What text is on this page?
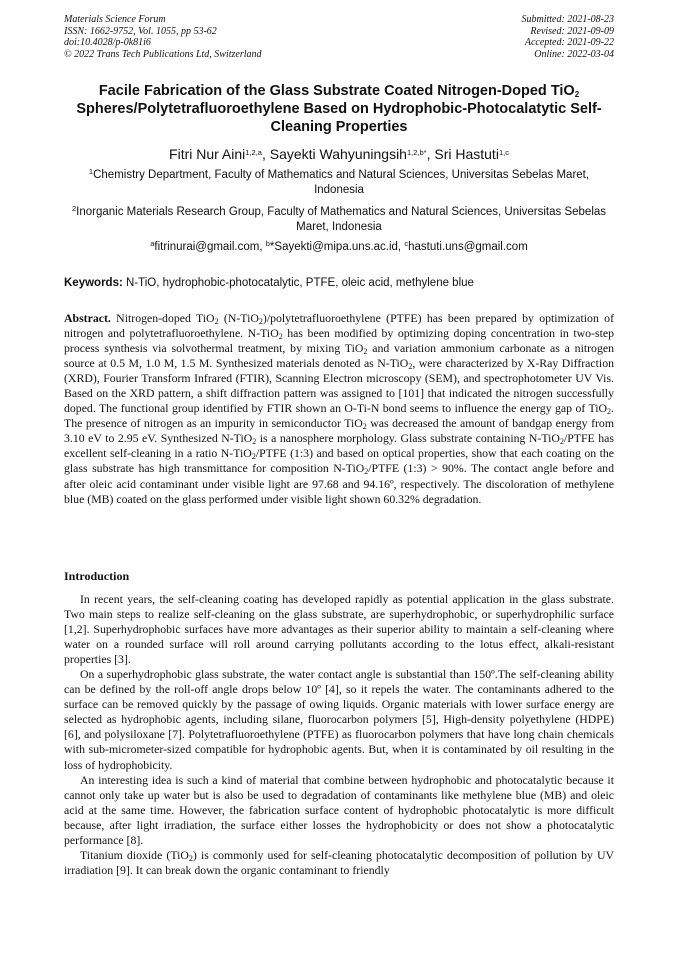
Materials Science Forum
ISSN: 1662-9752, Vol. 1055, pp 53-62
doi:10.4028/p-0k81i6
© 2022 Trans Tech Publications Ltd, Switzerland
Submitted: 2021-08-23
Revised: 2021-09-09
Accepted: 2021-09-22
Online: 2022-03-04
Facile Fabrication of the Glass Substrate Coated Nitrogen-Doped TiO$_2$ Spheres/Polytetrafluoroethylene Based on Hydrophobic-Photocalatytic Self-Cleaning Properties
Fitri Nur Aini$^{1,2,a}$, Sayekti Wahyuningsih$^{1,2,b*}$, Sri Hastuti$^{1,c}$
$^1$Chemistry Department, Faculty of Mathematics and Natural Sciences, Universitas Sebelas Maret, Indonesia
$^2$Inorganic Materials Research Group, Faculty of Mathematics and Natural Sciences, Universitas Sebelas Maret, Indonesia
$^a$fitrinurai@gmail.com, $^b$*Sayekti@mipa.uns.ac.id, $^c$hastuti.uns@gmail.com
Keywords: N-TiO, hydrophobic-photocatalytic, PTFE, oleic acid, methylene blue
Abstract. Nitrogen-doped TiO$_2$ (N-TiO$_2$)/polytetrafluoroethylene (PTFE) has been prepared by optimization of nitrogen and polytetrafluoroethylene. N-TiO$_2$ has been modified by optimizing doping concentration in two-step process synthesis via solvothermal treatment, by mixing TiO$_2$ and variation ammonium carbonate as a nitrogen source at 0.5 M, 1.0 M, 1.5 M. Synthesized materials denoted as N-TiO$_2$, were characterized by X-Ray Diffraction (XRD), Fourier Transform Infrared (FTIR), Scanning Electron microscopy (SEM), and spectrophotometer UV Vis. Based on the XRD pattern, a shift diffraction pattern was assigned to [101] that indicated the nitrogen successfully doped. The functional group identified by FTIR shown an O-Ti-N bond seems to influence the energy gap of TiO$_2$. The presence of nitrogen as an impurity in semiconductor TiO$_2$ was decreased the amount of bandgap energy from 3.10 eV to 2.95 eV. Synthesized N-TiO$_2$ is a nanosphere morphology. Glass substrate containing N-TiO$_2$/PTFE has excellent self-cleaning in a ratio N-TiO$_2$/PTFE (1:3) and based on optical properties, show that each coating on the glass substrate has high transmittance for composition N-TiO$_2$/PTFE (1:3) > 90%. The contact angle before and after oleic acid contaminant under visible light are 97.68 and 94.16º, respectively. The discoloration of methylene blue (MB) coated on the glass performed under visible light shown 60.32% degradation.
Introduction

In recent years, the self-cleaning coating has developed rapidly as potential application in the glass substrate. Two main steps to realize self-cleaning on the glass substrate, are superhydrophobic, or superhydrophilic surface [1,2]. Superhydrophobic surfaces have more advantages as their superior ability to maintain a self-cleaning where water on a rounded surface will roll around carrying pollutants according to the lotus effect, alkali-resistant properties [3].

On a superhydrophobic glass substrate, the water contact angle is substantial than 150º.The self-cleaning ability can be defined by the roll-off angle drops below 10º [4], so it repels the water. The contaminants adhered to the surface can be removed quickly by the passage of owing liquids. Organic materials with lower surface energy are selected as hydrophobic agents, including silane, fluorocarbon polymers [5], High-density polyethylene (HDPE) [6], and polysiloxane [7]. Polytetrafluoroethylene (PTFE) as fluorocarbon polymers that have long chain chemicals with sub-micrometer-sized compatible for hydrophobic agents. But, when it is contaminated by oil resulting in the loss of hydrophobicity.

An interesting idea is such a kind of material that combine between hydrophobic and photocatalytic because it cannot only take up water but is also be used to degradation of contaminants like methylene blue (MB) and oleic acid at the same time. However, the fabrication surface content of hydrophobic photocatalytic is more difficult because, after light irradiation, the surface either losses the hydrophobicity or does not show a photocatalytic performance [8].

Titanium dioxide (TiO$_2$) is commonly used for self-cleaning photocatalytic decomposition of pollution by UV irradiation [9]. It can break down the organic contaminant to friendly
